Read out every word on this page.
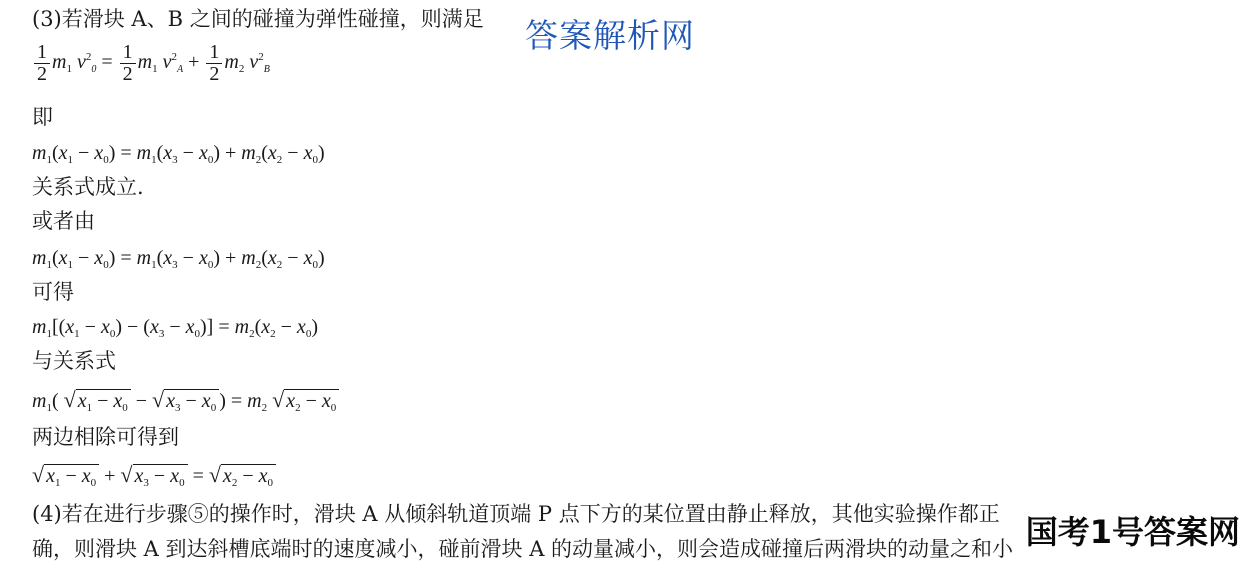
(3)若滑块 A、B 之间的碰撞为弹性碰撞，则满足
$\frac{1}{2} m_1$ $v^2_0 = \frac{1}{2} m_1$ $v^2_A + \frac{1}{2} m_2$ $v^2_B$
即
$m_1(x_1 - x_0) = m_1(x_3 - x_0) + m_2(x_2 - x_0)$
关系式成立.
或者由
$m_1(x_1 - x_0) = m_1(x_3 - x_0) + m_2(x_2 - x_0)$
可得
$m_1[(x_1 - x_0) - (x_3 - x_0)] = m_2(x_2 - x_0)$
与关系式
$m_1$( √ $x_1 - x_0$ − √ $x_3 - x_0$ ) = $m_2$ √ $x_2 - x_0$
两边相除可得到
√ $x_1 - x_0$ + √ $x_3 - x_0$ = √ $x_2 - x_0$
(4)若在进行步骤⑤的操作时，滑块 A 从倾斜轨道顶端 P 点下方的某位置由静止释放，其他实验操作都正
确，则滑块 A 到达斜槽底端时的速度减小，碰前滑块 A 的动量减小，则会造成碰撞后两滑块的动量之和小
答案解析网
国考1号答案网
